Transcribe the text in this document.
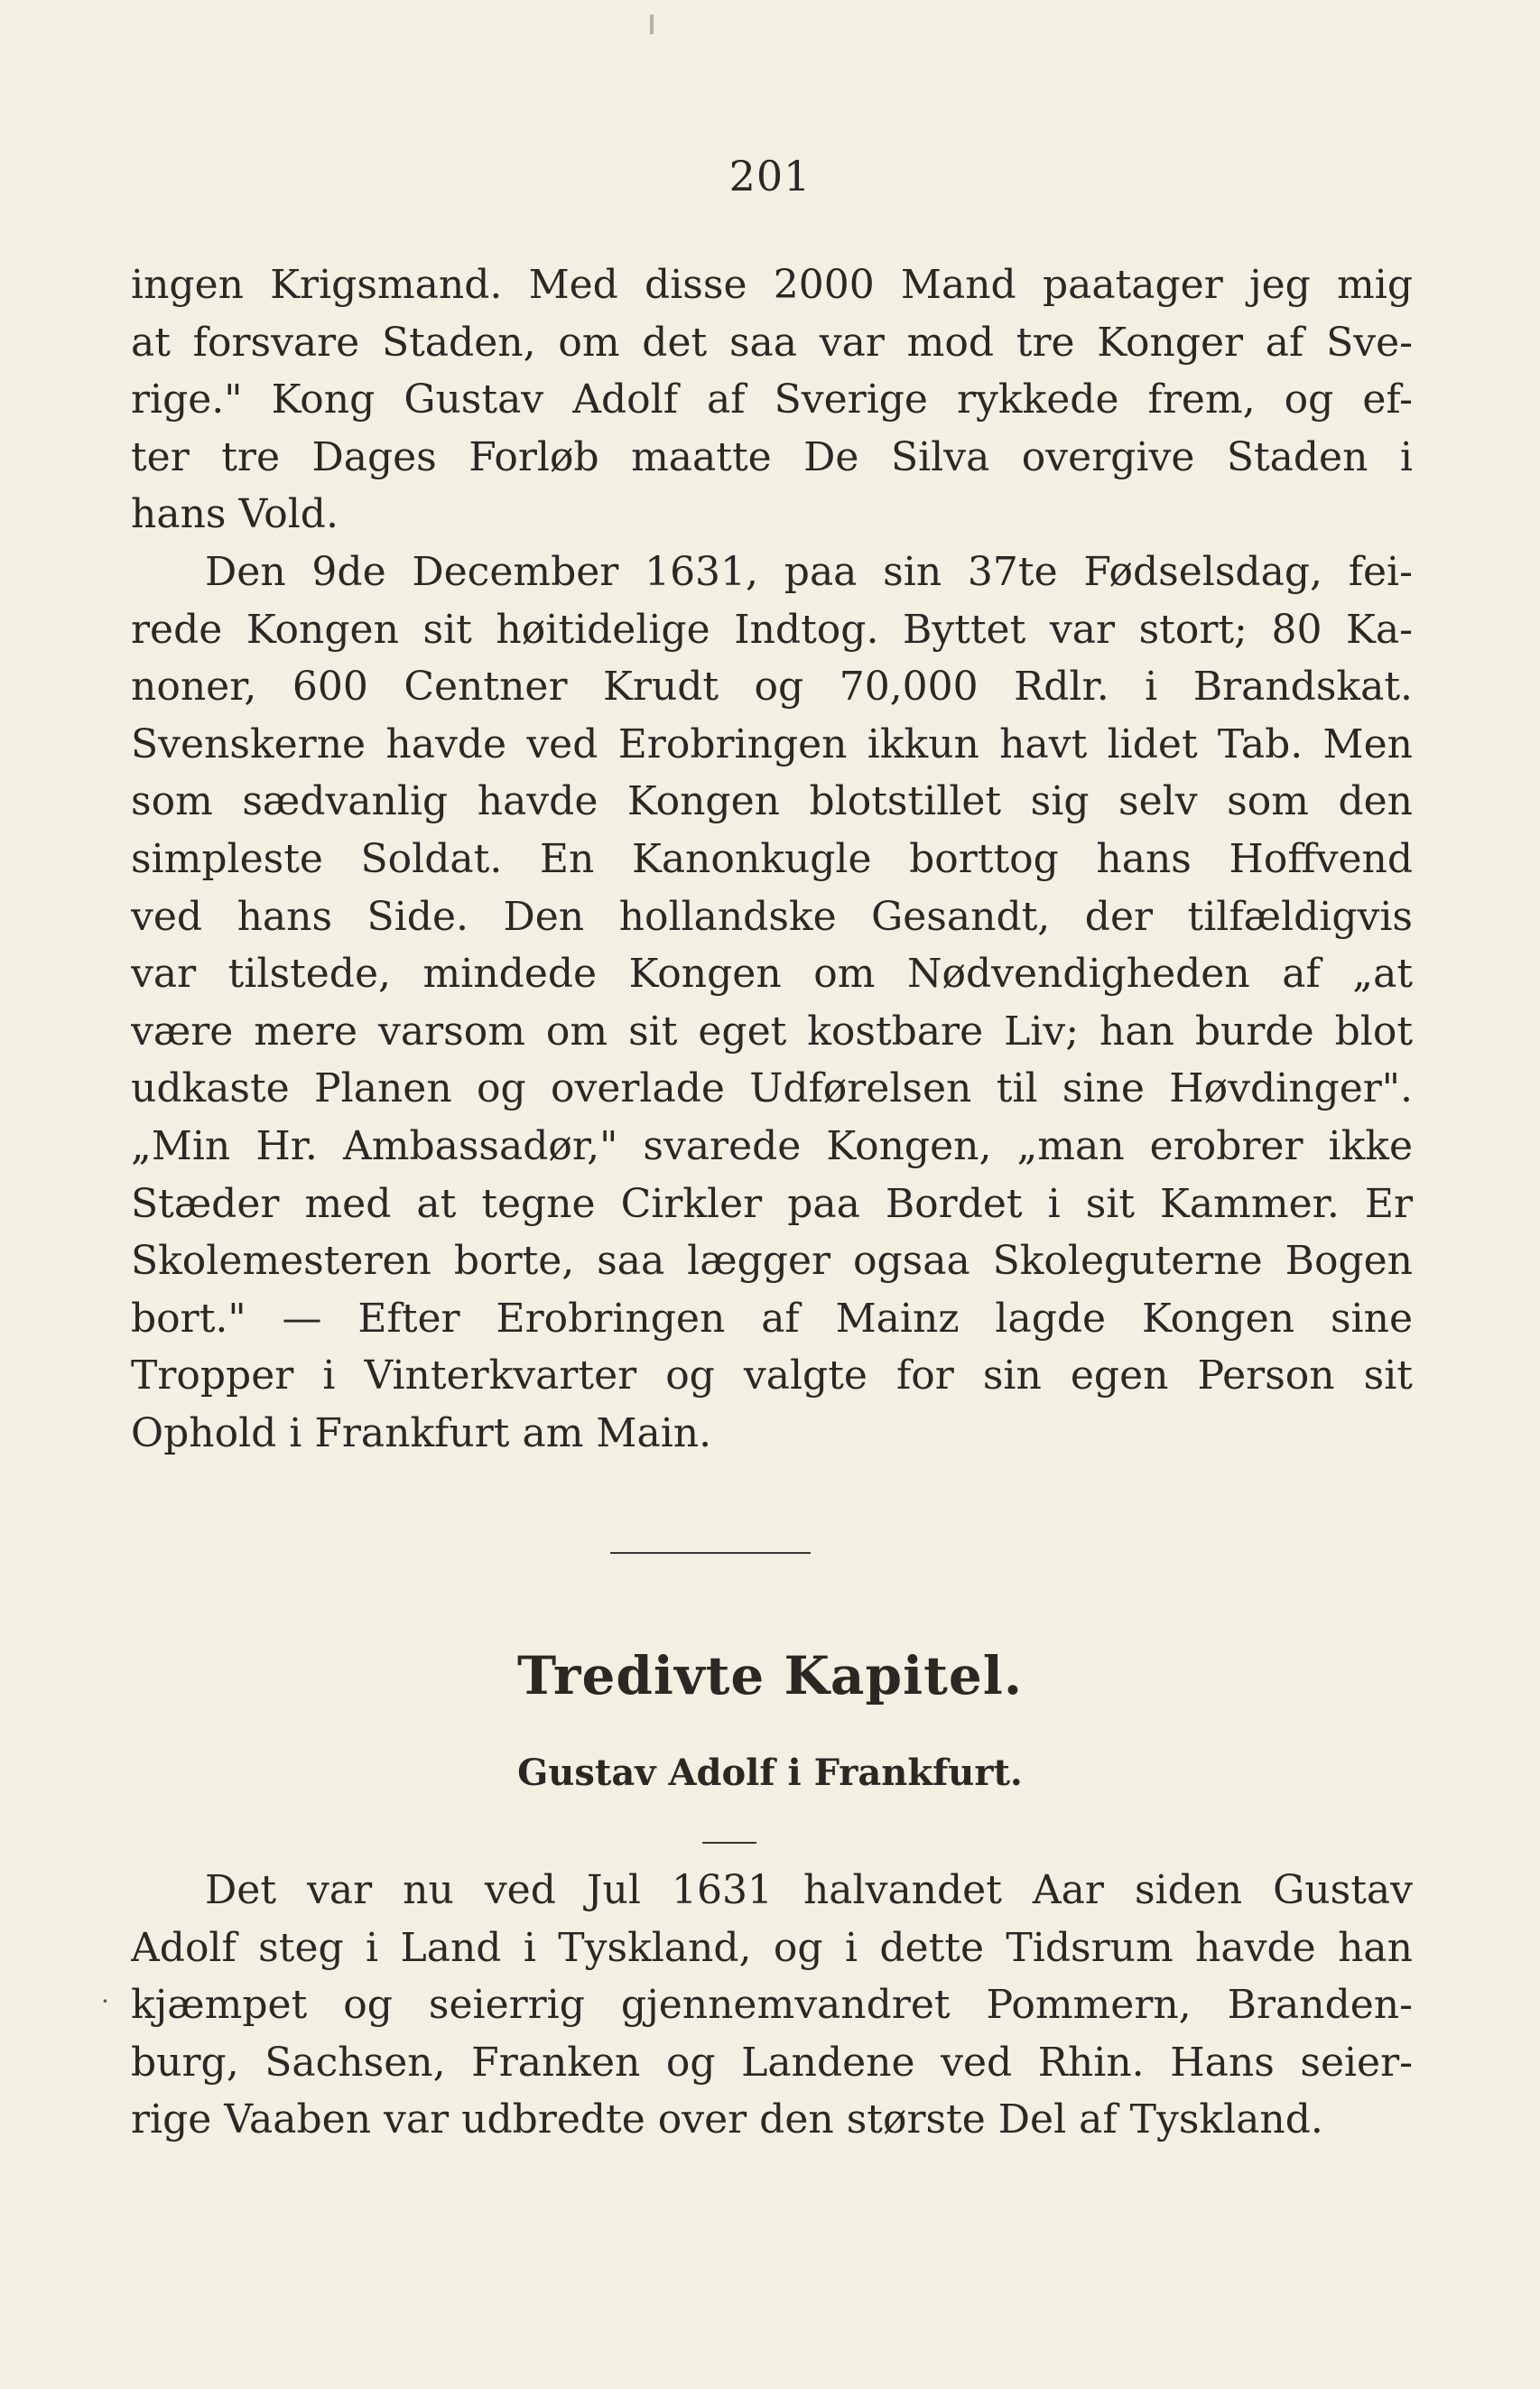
201
ingen Krigsmand. Med disse 2000 Mand paatager jeg mig
at forsvare Staden, om det saa var mod tre Konger af Sve-
rige." Kong Gustav Adolf af Sverige rykkede frem, og ef-
ter tre Dages Forløb maatte De Silva overgive Staden i
hans Vold.
Den 9de December 1631, paa sin 37te Fødselsdag, fei-
rede Kongen sit høitidelige Indtog. Byttet var stort; 80 Ka-
noner, 600 Centner Krudt og 70,000 Rdlr. i Brandskat.
Svenskerne havde ved Erobringen ikkun havt lidet Tab. Men
som sædvanlig havde Kongen blotstillet sig selv som den
simpleste Soldat. En Kanonkugle borttog hans Hoffvend
ved hans Side. Den hollandske Gesandt, der tilfældigvis
var tilstede, mindede Kongen om Nødvendigheden af „at
være mere varsom om sit eget kostbare Liv; han burde blot
udkaste Planen og overlade Udførelsen til sine Høvdinger".
„Min Hr. Ambassadør," svarede Kongen, „man erobrer ikke
Stæder med at tegne Cirkler paa Bordet i sit Kammer. Er
Skolemesteren borte, saa lægger ogsaa Skoleguterne Bogen
bort." — Efter Erobringen af Mainz lagde Kongen sine
Tropper i Vinterkvarter og valgte for sin egen Person sit
Ophold i Frankfurt am Main.
Tredivte Kapitel.
Gustav Adolf i Frankfurt.
·
Det var nu ved Jul 1631 halvandet Aar siden Gustav
Adolf steg i Land i Tyskland, og i dette Tidsrum havde han
kjæmpet og seierrig gjennemvandret Pommern, Branden-
burg, Sachsen, Franken og Landene ved Rhin. Hans seier-
rige Vaaben var udbredte over den største Del af Tyskland.
